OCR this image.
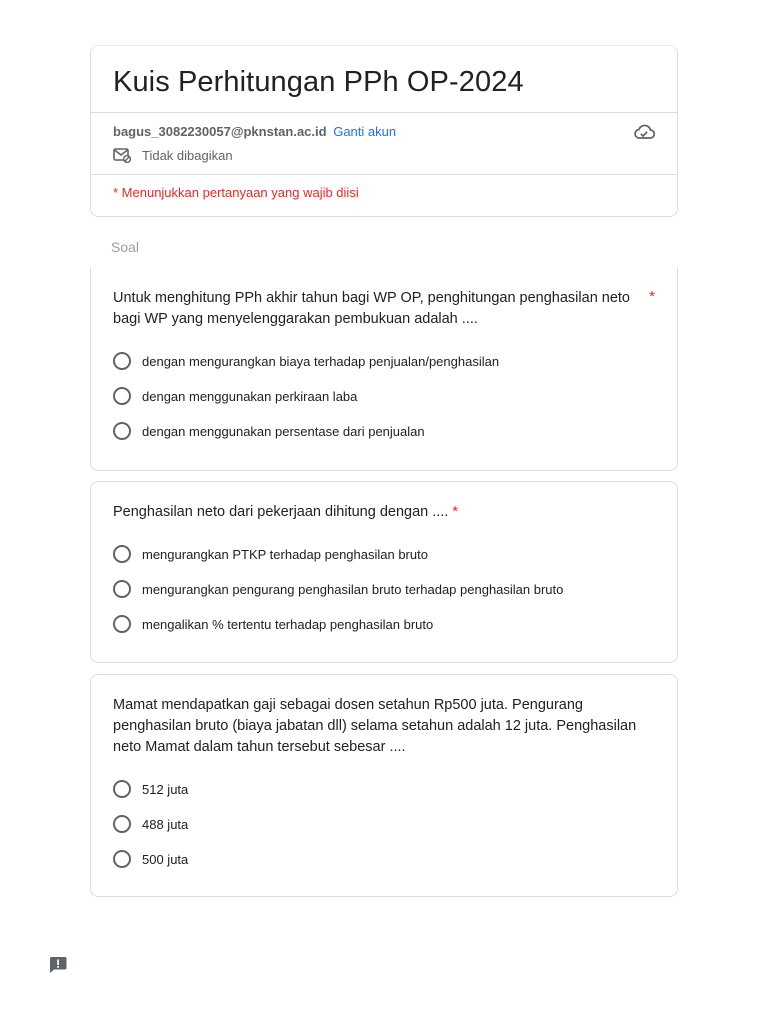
Kuis Perhitungan PPh OP-2024
bagus_3082230057@pknstan.ac.id Ganti akun
Tidak dibagikan
* Menunjukkan pertanyaan yang wajib diisi
Soal
Untuk menghitung PPh akhir tahun bagi WP OP, penghitungan penghasilan neto bagi WP yang menyelenggarakan pembukuan adalah ....
*
dengan mengurangkan biaya terhadap penjualan/penghasilan
dengan menggunakan perkiraan laba
dengan menggunakan persentase dari penjualan
Penghasilan neto dari pekerjaan dihitung dengan .... *
mengurangkan PTKP terhadap penghasilan bruto
mengurangkan pengurang penghasilan bruto terhadap penghasilan bruto
mengalikan % tertentu terhadap penghasilan bruto
Mamat mendapatkan gaji sebagai dosen setahun Rp500 juta. Pengurang penghasilan bruto (biaya jabatan dll) selama setahun adalah 12 juta. Penghasilan neto Mamat dalam tahun tersebut sebesar ....
512 juta
488 juta
500 juta
